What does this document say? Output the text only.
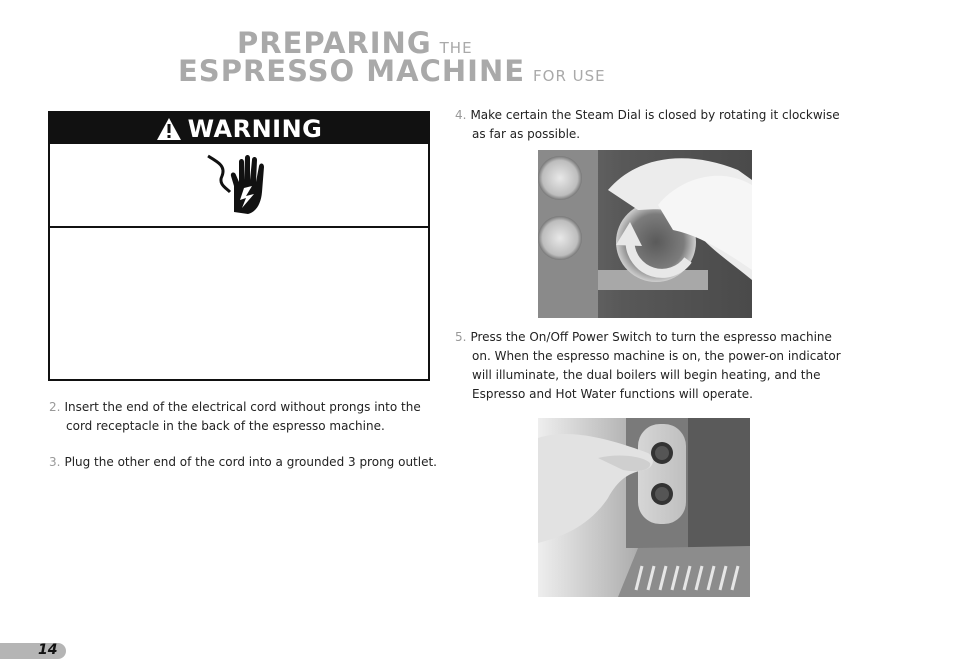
PREPARING THE
ESPRESSO MACHINE FOR USE
WARNING
2. Insert the end of the electrical cord without prongs into the
cord receptacle in the back of the espresso machine.
3. Plug the other end of the cord into a grounded 3 prong outlet.
4. Make certain the Steam Dial is closed by rotating it clockwise
as far as possible.
5. Press the On/Off Power Switch to turn the espresso machine
on. When the espresso machine is on, the power-on indicator
will illuminate, the dual boilers will begin heating, and the
Espresso and Hot Water functions will operate.
14
